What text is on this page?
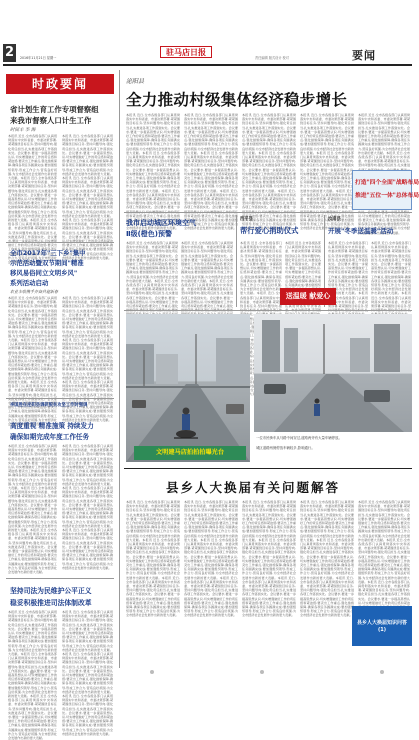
2	2016年11月21日 星期一
驻马店日报
责任编辑 版式设计 校对	要闻
时政要闻
省计划生育工作专项督察组
来我市督察人口计生工作
时间丰 李 海
本报讯 近日,全市各级各部门认真贯彻落实中央和省委、市委决策部署,紧紧围绕目标任务,坚持问题导向,强化责任担当,扎实推进各项工作落到实处。会议要求,要进一步提高思想认识,切实增强做好工作的责任感和紧迫感;要突出工作重点,强化措施保障,确保各项任务圆满完成;要加强组织领导,形成工作合力,营造良好氛围,为全市经济社会发展作出新的更大贡献。本报讯 近日,全市各级各部门认真贯彻落实中央和省委、市委决策部署,紧紧围绕目标任务,坚持问题导向,强化责任担当,扎实推进各项工作落到实处。会议要求,要进一步提高思想认识,切实增强做好工作的责任感和紧迫感;要突出工作重点,强化措施保障,确保各项任务圆满完成;要加强组织领导,形成工作合力,营造良好氛围,为全市经济社会发展作出新的更大贡献。本报讯 近日,全市各级各部门认真贯彻落实中央和省委、市委决策部署,紧紧围绕目标任务,坚持问题导向,强化责任担当,扎实推进各项工作落到实处。会议要求,要进一步提高思想认识,切实增强做好工作的责任感和紧迫感;要突出工作重点,强化措施保障,确保各项任务圆满完成;要加强组织领导,形成工作合力,营造良好氛围,为全市经济社会发展作出新的更大贡献。
本报讯 近日,全市各级各部门认真贯彻落实中央和省委、市委决策部署,紧紧围绕目标任务,坚持问题导向,强化责任担当,扎实推进各项工作落到实处。会议要求,要进一步提高思想认识,切实增强做好工作的责任感和紧迫感;要突出工作重点,强化措施保障,确保各项任务圆满完成;要加强组织领导,形成工作合力,营造良好氛围,为全市经济社会发展作出新的更大贡献。本报讯 近日,全市各级各部门认真贯彻落实中央和省委、市委决策部署,紧紧围绕目标任务,坚持问题导向,强化责任担当,扎实推进各项工作落到实处。会议要求,要进一步提高思想认识,切实增强做好工作的责任感和紧迫感;要突出工作重点,强化措施保障,确保各项任务圆满完成;要加强组织领导,形成工作合力,营造良好氛围,为全市经济社会发展作出新的更大贡献。本报讯 近日,全市各级各部门认真贯彻落实中央和省委、市委决策部署,紧紧围绕目标任务,坚持问题导向,强化责任担当,扎实推进各项工作落到实处。会议要求,要进一步提高思想认识,切实增强做好工作的责任感和紧迫感;要突出工作重点,强化措施保障,确保各项任务圆满完成;要加强组织领导,形成工作合力,营造良好氛围,为全市经济社会发展作出新的更大贡献。
全市2017年"三下乡"集中
示范活动暨双节期间"精准
移风易俗同立文明乡风"
系列活动启动
农业丰收携手齐奋共迎新春
本报讯 近日,全市各级各部门认真贯彻落实中央和省委、市委决策部署,紧紧围绕目标任务,坚持问题导向,强化责任担当,扎实推进各项工作落到实处。会议要求,要进一步提高思想认识,切实增强做好工作的责任感和紧迫感;要突出工作重点,强化措施保障,确保各项任务圆满完成;要加强组织领导,形成工作合力,营造良好氛围,为全市经济社会发展作出新的更大贡献。本报讯 近日,全市各级各部门认真贯彻落实中央和省委、市委决策部署,紧紧围绕目标任务,坚持问题导向,强化责任担当,扎实推进各项工作落到实处。会议要求,要进一步提高思想认识,切实增强做好工作的责任感和紧迫感;要突出工作重点,强化措施保障,确保各项任务圆满完成;要加强组织领导,形成工作合力,营造良好氛围,为全市经济社会发展作出新的更大贡献。本报讯 近日,全市各级各部门认真贯彻落实中央和省委、市委决策部署,紧紧围绕目标任务,坚持问题导向,强化责任担当,扎实推进各项工作落到实处。会议要求,要进一步提高思想认识,切实增强做好工作的责任感和紧迫感;要突出工作重点,强化措施保障,确保各项任务圆满完成;要加强组织领导,形成工作合力,营造良好氛围,为全市经济社会发展作出新的更大贡献。
本报讯 近日,全市各级各部门认真贯彻落实中央和省委、市委决策部署,紧紧围绕目标任务,坚持问题导向,强化责任担当,扎实推进各项工作落到实处。会议要求,要进一步提高思想认识,切实增强做好工作的责任感和紧迫感;要突出工作重点,强化措施保障,确保各项任务圆满完成;要加强组织领导,形成工作合力,营造良好氛围,为全市经济社会发展作出新的更大贡献。本报讯 近日,全市各级各部门认真贯彻落实中央和省委、市委决策部署,紧紧围绕目标任务,坚持问题导向,强化责任担当,扎实推进各项工作落到实处。会议要求,要进一步提高思想认识,切实增强做好工作的责任感和紧迫感;要突出工作重点,强化措施保障,确保各项任务圆满完成;要加强组织领导,形成工作合力,营造良好氛围,为全市经济社会发展作出新的更大贡献。本报讯 近日,全市各级各部门认真贯彻落实中央和省委、市委决策部署,紧紧围绕目标任务,坚持问题导向,强化责任担当,扎实推进各项工作落到实处。会议要求,要进一步提高思想认识,切实增强做好工作的责任感和紧迫感;要突出工作重点,强化措施保障,确保各项任务圆满完成;要加强组织领导,形成工作合力,营造良好氛围,为全市经济社会发展作出新的更大贡献。
李国胜在泌阳县调研脱贫攻坚工作时强调
高度重视 精准施策 持续发力
确保如期完成年度工作任务
本报讯 近日,全市各级各部门认真贯彻落实中央和省委、市委决策部署,紧紧围绕目标任务,坚持问题导向,强化责任担当,扎实推进各项工作落到实处。会议要求,要进一步提高思想认识,切实增强做好工作的责任感和紧迫感;要突出工作重点,强化措施保障,确保各项任务圆满完成;要加强组织领导,形成工作合力,营造良好氛围,为全市经济社会发展作出新的更大贡献。本报讯 近日,全市各级各部门认真贯彻落实中央和省委、市委决策部署,紧紧围绕目标任务,坚持问题导向,强化责任担当,扎实推进各项工作落到实处。会议要求,要进一步提高思想认识,切实增强做好工作的责任感和紧迫感;要突出工作重点,强化措施保障,确保各项任务圆满完成;要加强组织领导,形成工作合力,营造良好氛围,为全市经济社会发展作出新的更大贡献。本报讯 近日,全市各级各部门认真贯彻落实中央和省委、市委决策部署,紧紧围绕目标任务,坚持问题导向,强化责任担当,扎实推进各项工作落到实处。会议要求,要进一步提高思想认识,切实增强做好工作的责任感和紧迫感;要突出工作重点,强化措施保障,确保各项任务圆满完成;要加强组织领导,形成工作合力,营造良好氛围,为全市经济社会发展作出新的更大贡献。
本报讯 近日,全市各级各部门认真贯彻落实中央和省委、市委决策部署,紧紧围绕目标任务,坚持问题导向,强化责任担当,扎实推进各项工作落到实处。会议要求,要进一步提高思想认识,切实增强做好工作的责任感和紧迫感;要突出工作重点,强化措施保障,确保各项任务圆满完成;要加强组织领导,形成工作合力,营造良好氛围,为全市经济社会发展作出新的更大贡献。本报讯 近日,全市各级各部门认真贯彻落实中央和省委、市委决策部署,紧紧围绕目标任务,坚持问题导向,强化责任担当,扎实推进各项工作落到实处。会议要求,要进一步提高思想认识,切实增强做好工作的责任感和紧迫感;要突出工作重点,强化措施保障,确保各项任务圆满完成;要加强组织领导,形成工作合力,营造良好氛围,为全市经济社会发展作出新的更大贡献。本报讯 近日,全市各级各部门认真贯彻落实中央和省委、市委决策部署,紧紧围绕目标任务,坚持问题导向,强化责任担当,扎实推进各项工作落到实处。会议要求,要进一步提高思想认识,切实增强做好工作的责任感和紧迫感;要突出工作重点,强化措施保障,确保各项任务圆满完成;要加强组织领导,形成工作合力,营造良好氛围,为全市经济社会发展作出新的更大贡献。
坚持司法为民维护公平正义
稳妥积极推进司法体制改革
本报讯 近日,全市各级各部门认真贯彻落实中央和省委、市委决策部署,紧紧围绕目标任务,坚持问题导向,强化责任担当,扎实推进各项工作落到实处。会议要求,要进一步提高思想认识,切实增强做好工作的责任感和紧迫感;要突出工作重点,强化措施保障,确保各项任务圆满完成;要加强组织领导,形成工作合力,营造良好氛围,为全市经济社会发展作出新的更大贡献。本报讯 近日,全市各级各部门认真贯彻落实中央和省委、市委决策部署,紧紧围绕目标任务,坚持问题导向,强化责任担当,扎实推进各项工作落到实处。会议要求,要进一步提高思想认识,切实增强做好工作的责任感和紧迫感;要突出工作重点,强化措施保障,确保各项任务圆满完成;要加强组织领导,形成工作合力,营造良好氛围,为全市经济社会发展作出新的更大贡献。本报讯 近日,全市各级各部门认真贯彻落实中央和省委、市委决策部署,紧紧围绕目标任务,坚持问题导向,强化责任担当,扎实推进各项工作落到实处。会议要求,要进一步提高思想认识,切实增强做好工作的责任感和紧迫感;要突出工作重点,强化措施保障,确保各项任务圆满完成;要加强组织领导,形成工作合力,营造良好氛围,为全市经济社会发展作出新的更大贡献。
本报讯 近日,全市各级各部门认真贯彻落实中央和省委、市委决策部署,紧紧围绕目标任务,坚持问题导向,强化责任担当,扎实推进各项工作落到实处。会议要求,要进一步提高思想认识,切实增强做好工作的责任感和紧迫感;要突出工作重点,强化措施保障,确保各项任务圆满完成;要加强组织领导,形成工作合力,营造良好氛围,为全市经济社会发展作出新的更大贡献。本报讯 近日,全市各级各部门认真贯彻落实中央和省委、市委决策部署,紧紧围绕目标任务,坚持问题导向,强化责任担当,扎实推进各项工作落到实处。会议要求,要进一步提高思想认识,切实增强做好工作的责任感和紧迫感;要突出工作重点,强化措施保障,确保各项任务圆满完成;要加强组织领导,形成工作合力,营造良好氛围,为全市经济社会发展作出新的更大贡献。本报讯 近日,全市各级各部门认真贯彻落实中央和省委、市委决策部署,紧紧围绕目标任务,坚持问题导向,强化责任担当,扎实推进各项工作落到实处。会议要求,要进一步提高思想认识,切实增强做好工作的责任感和紧迫感;要突出工作重点,强化措施保障,确保各项任务圆满完成;要加强组织领导,形成工作合力,营造良好氛围,为全市经济社会发展作出新的更大贡献。
泌阳县
全力推动村级集体经济稳步增长
本报讯 近日,全市各级各部门认真贯彻落实中央和省委、市委决策部署,紧紧围绕目标任务,坚持问题导向,强化责任担当,扎实推进各项工作落到实处。会议要求,要进一步提高思想认识,切实增强做好工作的责任感和紧迫感;要突出工作重点,强化措施保障,确保各项任务圆满完成;要加强组织领导,形成工作合力,营造良好氛围,为全市经济社会发展作出新的更大贡献。本报讯 近日,全市各级各部门认真贯彻落实中央和省委、市委决策部署,紧紧围绕目标任务,坚持问题导向,强化责任担当,扎实推进各项工作落到实处。会议要求,要进一步提高思想认识,切实增强做好工作的责任感和紧迫感;要突出工作重点,强化措施保障,确保各项任务圆满完成;要加强组织领导,形成工作合力,营造良好氛围,为全市经济社会发展作出新的更大贡献。本报讯 近日,全市各级各部门认真贯彻落实中央和省委、市委决策部署,紧紧围绕目标任务,坚持问题导向,强化责任担当,扎实推进各项工作落到实处。会议要求,要进一步提高思想认识,切实增强做好工作的责任感和紧迫感;要突出工作重点,强化措施保障,确保各项任务圆满完成;要加强组织领导,形成工作合力,营造良好氛围,为全市经济社会发展作出新的更大贡献。
本报讯 近日,全市各级各部门认真贯彻落实中央和省委、市委决策部署,紧紧围绕目标任务,坚持问题导向,强化责任担当,扎实推进各项工作落到实处。会议要求,要进一步提高思想认识,切实增强做好工作的责任感和紧迫感;要突出工作重点,强化措施保障,确保各项任务圆满完成;要加强组织领导,形成工作合力,营造良好氛围,为全市经济社会发展作出新的更大贡献。本报讯 近日,全市各级各部门认真贯彻落实中央和省委、市委决策部署,紧紧围绕目标任务,坚持问题导向,强化责任担当,扎实推进各项工作落到实处。会议要求,要进一步提高思想认识,切实增强做好工作的责任感和紧迫感;要突出工作重点,强化措施保障,确保各项任务圆满完成;要加强组织领导,形成工作合力,营造良好氛围,为全市经济社会发展作出新的更大贡献。本报讯 近日,全市各级各部门认真贯彻落实中央和省委、市委决策部署,紧紧围绕目标任务,坚持问题导向,强化责任担当,扎实推进各项工作落到实处。会议要求,要进一步提高思想认识,切实增强做好工作的责任感和紧迫感;要突出工作重点,强化措施保障,确保各项任务圆满完成;要加强组织领导,形成工作合力,营造良好氛围,为全市经济社会发展作出新的更大贡献。
本报讯 近日,全市各级各部门认真贯彻落实中央和省委、市委决策部署,紧紧围绕目标任务,坚持问题导向,强化责任担当,扎实推进各项工作落到实处。会议要求,要进一步提高思想认识,切实增强做好工作的责任感和紧迫感;要突出工作重点,强化措施保障,确保各项任务圆满完成;要加强组织领导,形成工作合力,营造良好氛围,为全市经济社会发展作出新的更大贡献。本报讯 近日,全市各级各部门认真贯彻落实中央和省委、市委决策部署,紧紧围绕目标任务,坚持问题导向,强化责任担当,扎实推进各项工作落到实处。会议要求,要进一步提高思想认识,切实增强做好工作的责任感和紧迫感;要突出工作重点,强化措施保障,确保各项任务圆满完成;要加强组织领导,形成工作合力,营造良好氛围,为全市经济社会发展作出新的更大贡献。本报讯 近日,全市各级各部门认真贯彻落实中央和省委、市委决策部署,紧紧围绕目标任务,坚持问题导向,强化责任担当,扎实推进各项工作落到实处。会议要求,要进一步提高思想认识,切实增强做好工作的责任感和紧迫感;要突出工作重点,强化措施保障,确保各项任务圆满完成;要加强组织领导,形成工作合力,营造良好氛围,为全市经济社会发展作出新的更大贡献。
本报讯 近日,全市各级各部门认真贯彻落实中央和省委、市委决策部署,紧紧围绕目标任务,坚持问题导向,强化责任担当,扎实推进各项工作落到实处。会议要求,要进一步提高思想认识,切实增强做好工作的责任感和紧迫感;要突出工作重点,强化措施保障,确保各项任务圆满完成;要加强组织领导,形成工作合力,营造良好氛围,为全市经济社会发展作出新的更大贡献。本报讯 近日,全市各级各部门认真贯彻落实中央和省委、市委决策部署,紧紧围绕目标任务,坚持问题导向,强化责任担当,扎实推进各项工作落到实处。会议要求,要进一步提高思想认识,切实增强做好工作的责任感和紧迫感;要突出工作重点,强化措施保障,确保各项任务圆满完成;要加强组织领导,形成工作合力,营造良好氛围,为全市经济社会发展作出新的更大贡献。本报讯 近日,全市各级各部门认真贯彻落实中央和省委、市委决策部署,紧紧围绕目标任务,坚持问题导向,强化责任担当,扎实推进各项工作落到实处。会议要求,要进一步提高思想认识,切实增强做好工作的责任感和紧迫感;要突出工作重点,强化措施保障,确保各项任务圆满完成;要加强组织领导,形成工作合力,营造良好氛围,为全市经济社会发展作出新的更大贡献。
本报讯 近日,全市各级各部门认真贯彻落实中央和省委、市委决策部署,紧紧围绕目标任务,坚持问题导向,强化责任担当,扎实推进各项工作落到实处。会议要求,要进一步提高思想认识,切实增强做好工作的责任感和紧迫感;要突出工作重点,强化措施保障,确保各项任务圆满完成;要加强组织领导,形成工作合力,营造良好氛围,为全市经济社会发展作出新的更大贡献。本报讯 近日,全市各级各部门认真贯彻落实中央和省委、市委决策部署,紧紧围绕目标任务,坚持问题导向,强化责任担当,扎实推进各项工作落到实处。会议要求,要进一步提高思想认识,切实增强做好工作的责任感和紧迫感;要突出工作重点,强化措施保障,确保各项任务圆满完成;要加强组织领导,形成工作合力,营造良好氛围,为全市经济社会发展作出新的更大贡献。本报讯 近日,全市各级各部门认真贯彻落实中央和省委、市委决策部署,紧紧围绕目标任务,坚持问题导向,强化责任担当,扎实推进各项工作落到实处。会议要求,要进一步提高思想认识,切实增强做好工作的责任感和紧迫感;要突出工作重点,强化措施保障,确保各项任务圆满完成;要加强组织领导,形成工作合力,营造良好氛围,为全市经济社会发展作出新的更大贡献。
打造"四个全面"战略布局
推进"五位一体"总体布局
我市启动城区环境空气
Ⅱ级(橙色)预警
本报讯 近日,全市各级各部门认真贯彻落实中央和省委、市委决策部署,紧紧围绕目标任务,坚持问题导向,强化责任担当,扎实推进各项工作落到实处。会议要求,要进一步提高思想认识,切实增强做好工作的责任感和紧迫感;要突出工作重点,强化措施保障,确保各项任务圆满完成;要加强组织领导,形成工作合力,营造良好氛围,为全市经济社会发展作出新的更大贡献。本报讯 近日,全市各级各部门认真贯彻落实中央和省委、市委决策部署,紧紧围绕目标任务,坚持问题导向,强化责任担当,扎实推进各项工作落到实处。会议要求,要进一步提高思想认识,切实增强做好工作的责任感和紧迫感;要突出工作重点,强化措施保障,确保各项任务圆满完成;要加强组织领导,形成工作合力,营造良好氛围,为全市经济社会发展作出新的更大贡献。本报讯 近日,全市各级各部门认真贯彻落实中央和省委、市委决策部署,紧紧围绕目标任务,坚持问题导向,强化责任担当,扎实推进各项工作落到实处。会议要求,要进一步提高思想认识,切实增强做好工作的责任感和紧迫感;要突出工作重点,强化措施保障,确保各项任务圆满完成;要加强组织领导,形成工作合力,营造良好氛围,为全市经济社会发展作出新的更大贡献。
本报讯 近日,全市各级各部门认真贯彻落实中央和省委、市委决策部署,紧紧围绕目标任务,坚持问题导向,强化责任担当,扎实推进各项工作落到实处。会议要求,要进一步提高思想认识,切实增强做好工作的责任感和紧迫感;要突出工作重点,强化措施保障,确保各项任务圆满完成;要加强组织领导,形成工作合力,营造良好氛围,为全市经济社会发展作出新的更大贡献。本报讯 近日,全市各级各部门认真贯彻落实中央和省委、市委决策部署,紧紧围绕目标任务,坚持问题导向,强化责任担当,扎实推进各项工作落到实处。会议要求,要进一步提高思想认识,切实增强做好工作的责任感和紧迫感;要突出工作重点,强化措施保障,确保各项任务圆满完成;要加强组织领导,形成工作合力,营造良好氛围,为全市经济社会发展作出新的更大贡献。本报讯 近日,全市各级各部门认真贯彻落实中央和省委、市委决策部署,紧紧围绕目标任务,坚持问题导向,强化责任担当,扎实推进各项工作落到实处。会议要求,要进一步提高思想认识,切实增强做好工作的责任感和紧迫感;要突出工作重点,强化措施保障,确保各项任务圆满完成;要加强组织领导,形成工作合力,营造良好氛围,为全市经济社会发展作出新的更大贡献。
西平县
帮行爱心捐助仪式
本报讯 近日,全市各级各部门认真贯彻落实中央和省委、市委决策部署,紧紧围绕目标任务,坚持问题导向,强化责任担当,扎实推进各项工作落到实处。会议要求,要进一步提高思想认识,切实增强做好工作的责任感和紧迫感;要突出工作重点,强化措施保障,确保各项任务圆满完成;要加强组织领导,形成工作合力,营造良好氛围,为全市经济社会发展作出新的更大贡献。本报讯 近日,全市各级各部门认真贯彻落实中央和省委、市委决策部署,紧紧围绕目标任务,坚持问题导向,强化责任担当,扎实推进各项工作落到实处。会议要求,要进一步提高思想认识,切实增强做好工作的责任感和紧迫感;要突出工作重点,强化措施保障,确保各项任务圆满完成;要加强组织领导,形成工作合力,营造良好氛围,为全市经济社会发展作出新的更大贡献。本报讯 近日,全市各级各部门认真贯彻落实中央和省委、市委决策部署,紧紧围绕目标任务,坚持问题导向,强化责任担当,扎实推进各项工作落到实处。会议要求,要进一步提高思想认识,切实增强做好工作的责任感和紧迫感;要突出工作重点,强化措施保障,确保各项任务圆满完成;要加强组织领导,形成工作合力,营造良好氛围,为全市经济社会发展作出新的更大贡献。
本报讯 近日,全市各级各部门认真贯彻落实中央和省委、市委决策部署,紧紧围绕目标任务,坚持问题导向,强化责任担当,扎实推进各项工作落到实处。会议要求,要进一步提高思想认识,切实增强做好工作的责任感和紧迫感;要突出工作重点,强化措施保障,确保各项任务圆满完成;要加强组织领导,形成工作合力,营造良好氛围,为全市经济社会发展作出新的更大贡献。本报讯 近日,全市各级各部门认真贯彻落实中央和省委、市委决策部署,紧紧围绕目标任务,坚持问题导向,强化责任担当,扎实推进各项工作落到实处。会议要求,要进一步提高思想认识,切实增强做好工作的责任感和紧迫感;要突出工作重点,强化措施保障,确保各项任务圆满完成;要加强组织领导,形成工作合力,营造良好氛围,为全市经济社会发展作出新的更大贡献。本报讯 近日,全市各级各部门认真贯彻落实中央和省委、市委决策部署,紧紧围绕目标任务,坚持问题导向,强化责任担当,扎实推进各项工作落到实处。会议要求,要进一步提高思想认识,切实增强做好工作的责任感和紧迫感;要突出工作重点,强化措施保障,确保各项任务圆满完成;要加强组织领导,形成工作合力,营造良好氛围,为全市经济社会发展作出新的更大贡献。
汝南县
开展"冬季送温暖"活动
本报讯 近日,全市各级各部门认真贯彻落实中央和省委、市委决策部署,紧紧围绕目标任务,坚持问题导向,强化责任担当,扎实推进各项工作落到实处。会议要求,要进一步提高思想认识,切实增强做好工作的责任感和紧迫感;要突出工作重点,强化措施保障,确保各项任务圆满完成;要加强组织领导,形成工作合力,营造良好氛围,为全市经济社会发展作出新的更大贡献。本报讯 近日,全市各级各部门认真贯彻落实中央和省委、市委决策部署,紧紧围绕目标任务,坚持问题导向,强化责任担当,扎实推进各项工作落到实处。会议要求,要进一步提高思想认识,切实增强做好工作的责任感和紧迫感;要突出工作重点,强化措施保障,确保各项任务圆满完成;要加强组织领导,形成工作合力,营造良好氛围,为全市经济社会发展作出新的更大贡献。本报讯 近日,全市各级各部门认真贯彻落实中央和省委、市委决策部署,紧紧围绕目标任务,坚持问题导向,强化责任担当,扎实推进各项工作落到实处。会议要求,要进一步提高思想认识,切实增强做好工作的责任感和紧迫感;要突出工作重点,强化措施保障,确保各项任务圆满完成;要加强组织领导,形成工作合力,营造良好氛围,为全市经济社会发展作出新的更大贡献。
本报讯 近日,全市各级各部门认真贯彻落实中央和省委、市委决策部署,紧紧围绕目标任务,坚持问题导向,强化责任担当,扎实推进各项工作落到实处。会议要求,要进一步提高思想认识,切实增强做好工作的责任感和紧迫感;要突出工作重点,强化措施保障,确保各项任务圆满完成;要加强组织领导,形成工作合力,营造良好氛围,为全市经济社会发展作出新的更大贡献。本报讯 近日,全市各级各部门认真贯彻落实中央和省委、市委决策部署,紧紧围绕目标任务,坚持问题导向,强化责任担当,扎实推进各项工作落到实处。会议要求,要进一步提高思想认识,切实增强做好工作的责任感和紧迫感;要突出工作重点,强化措施保障,确保各项任务圆满完成;要加强组织领导,形成工作合力,营造良好氛围,为全市经济社会发展作出新的更大贡献。本报讯 近日,全市各级各部门认真贯彻落实中央和省委、市委决策部署,紧紧围绕目标任务,坚持问题导向,强化责任担当,扎实推进各项工作落到实处。会议要求,要进一步提高思想认识,切实增强做好工作的责任感和紧迫感;要突出工作重点,强化措施保障,确保各项任务圆满完成;要加强组织领导,形成工作合力,营造良好氛围,为全市经济社会发展作出新的更大贡献。
送温暖 献爱心
一位市民骑车从马路中间穿过,道路两旁有大量车辆停放。
城区道路两侧停放车辆较多,影响通行。
文明建马店拍拍拍曝光台
县乡人大换届有关问题解答
本报讯 近日,全市各级各部门认真贯彻落实中央和省委、市委决策部署,紧紧围绕目标任务,坚持问题导向,强化责任担当,扎实推进各项工作落到实处。会议要求,要进一步提高思想认识,切实增强做好工作的责任感和紧迫感;要突出工作重点,强化措施保障,确保各项任务圆满完成;要加强组织领导,形成工作合力,营造良好氛围,为全市经济社会发展作出新的更大贡献。本报讯 近日,全市各级各部门认真贯彻落实中央和省委、市委决策部署,紧紧围绕目标任务,坚持问题导向,强化责任担当,扎实推进各项工作落到实处。会议要求,要进一步提高思想认识,切实增强做好工作的责任感和紧迫感;要突出工作重点,强化措施保障,确保各项任务圆满完成;要加强组织领导,形成工作合力,营造良好氛围,为全市经济社会发展作出新的更大贡献。本报讯 近日,全市各级各部门认真贯彻落实中央和省委、市委决策部署,紧紧围绕目标任务,坚持问题导向,强化责任担当,扎实推进各项工作落到实处。会议要求,要进一步提高思想认识,切实增强做好工作的责任感和紧迫感;要突出工作重点,强化措施保障,确保各项任务圆满完成;要加强组织领导,形成工作合力,营造良好氛围,为全市经济社会发展作出新的更大贡献。
本报讯 近日,全市各级各部门认真贯彻落实中央和省委、市委决策部署,紧紧围绕目标任务,坚持问题导向,强化责任担当,扎实推进各项工作落到实处。会议要求,要进一步提高思想认识,切实增强做好工作的责任感和紧迫感;要突出工作重点,强化措施保障,确保各项任务圆满完成;要加强组织领导,形成工作合力,营造良好氛围,为全市经济社会发展作出新的更大贡献。本报讯 近日,全市各级各部门认真贯彻落实中央和省委、市委决策部署,紧紧围绕目标任务,坚持问题导向,强化责任担当,扎实推进各项工作落到实处。会议要求,要进一步提高思想认识,切实增强做好工作的责任感和紧迫感;要突出工作重点,强化措施保障,确保各项任务圆满完成;要加强组织领导,形成工作合力,营造良好氛围,为全市经济社会发展作出新的更大贡献。本报讯 近日,全市各级各部门认真贯彻落实中央和省委、市委决策部署,紧紧围绕目标任务,坚持问题导向,强化责任担当,扎实推进各项工作落到实处。会议要求,要进一步提高思想认识,切实增强做好工作的责任感和紧迫感;要突出工作重点,强化措施保障,确保各项任务圆满完成;要加强组织领导,形成工作合力,营造良好氛围,为全市经济社会发展作出新的更大贡献。
本报讯 近日,全市各级各部门认真贯彻落实中央和省委、市委决策部署,紧紧围绕目标任务,坚持问题导向,强化责任担当,扎实推进各项工作落到实处。会议要求,要进一步提高思想认识,切实增强做好工作的责任感和紧迫感;要突出工作重点,强化措施保障,确保各项任务圆满完成;要加强组织领导,形成工作合力,营造良好氛围,为全市经济社会发展作出新的更大贡献。本报讯 近日,全市各级各部门认真贯彻落实中央和省委、市委决策部署,紧紧围绕目标任务,坚持问题导向,强化责任担当,扎实推进各项工作落到实处。会议要求,要进一步提高思想认识,切实增强做好工作的责任感和紧迫感;要突出工作重点,强化措施保障,确保各项任务圆满完成;要加强组织领导,形成工作合力,营造良好氛围,为全市经济社会发展作出新的更大贡献。本报讯 近日,全市各级各部门认真贯彻落实中央和省委、市委决策部署,紧紧围绕目标任务,坚持问题导向,强化责任担当,扎实推进各项工作落到实处。会议要求,要进一步提高思想认识,切实增强做好工作的责任感和紧迫感;要突出工作重点,强化措施保障,确保各项任务圆满完成;要加强组织领导,形成工作合力,营造良好氛围,为全市经济社会发展作出新的更大贡献。
本报讯 近日,全市各级各部门认真贯彻落实中央和省委、市委决策部署,紧紧围绕目标任务,坚持问题导向,强化责任担当,扎实推进各项工作落到实处。会议要求,要进一步提高思想认识,切实增强做好工作的责任感和紧迫感;要突出工作重点,强化措施保障,确保各项任务圆满完成;要加强组织领导,形成工作合力,营造良好氛围,为全市经济社会发展作出新的更大贡献。本报讯 近日,全市各级各部门认真贯彻落实中央和省委、市委决策部署,紧紧围绕目标任务,坚持问题导向,强化责任担当,扎实推进各项工作落到实处。会议要求,要进一步提高思想认识,切实增强做好工作的责任感和紧迫感;要突出工作重点,强化措施保障,确保各项任务圆满完成;要加强组织领导,形成工作合力,营造良好氛围,为全市经济社会发展作出新的更大贡献。本报讯 近日,全市各级各部门认真贯彻落实中央和省委、市委决策部署,紧紧围绕目标任务,坚持问题导向,强化责任担当,扎实推进各项工作落到实处。会议要求,要进一步提高思想认识,切实增强做好工作的责任感和紧迫感;要突出工作重点,强化措施保障,确保各项任务圆满完成;要加强组织领导,形成工作合力,营造良好氛围,为全市经济社会发展作出新的更大贡献。
本报讯 近日,全市各级各部门认真贯彻落实中央和省委、市委决策部署,紧紧围绕目标任务,坚持问题导向,强化责任担当,扎实推进各项工作落到实处。会议要求,要进一步提高思想认识,切实增强做好工作的责任感和紧迫感;要突出工作重点,强化措施保障,确保各项任务圆满完成;要加强组织领导,形成工作合力,营造良好氛围,为全市经济社会发展作出新的更大贡献。本报讯 近日,全市各级各部门认真贯彻落实中央和省委、市委决策部署,紧紧围绕目标任务,坚持问题导向,强化责任担当,扎实推进各项工作落到实处。会议要求,要进一步提高思想认识,切实增强做好工作的责任感和紧迫感;要突出工作重点,强化措施保障,确保各项任务圆满完成;要加强组织领导,形成工作合力,营造良好氛围,为全市经济社会发展作出新的更大贡献。本报讯 近日,全市各级各部门认真贯彻落实中央和省委、市委决策部署,紧紧围绕目标任务,坚持问题导向,强化责任担当,扎实推进各项工作落到实处。会议要求,要进一步提高思想认识,切实增强做好工作的责任感和紧迫感;要突出工作重点,强化措施保障,确保各项任务圆满完成;要加强组织领导,形成工作合力,营造良好氛围,为全市经济社会发展作出新的更大贡献。
县乡人大换届知识问答(1)
